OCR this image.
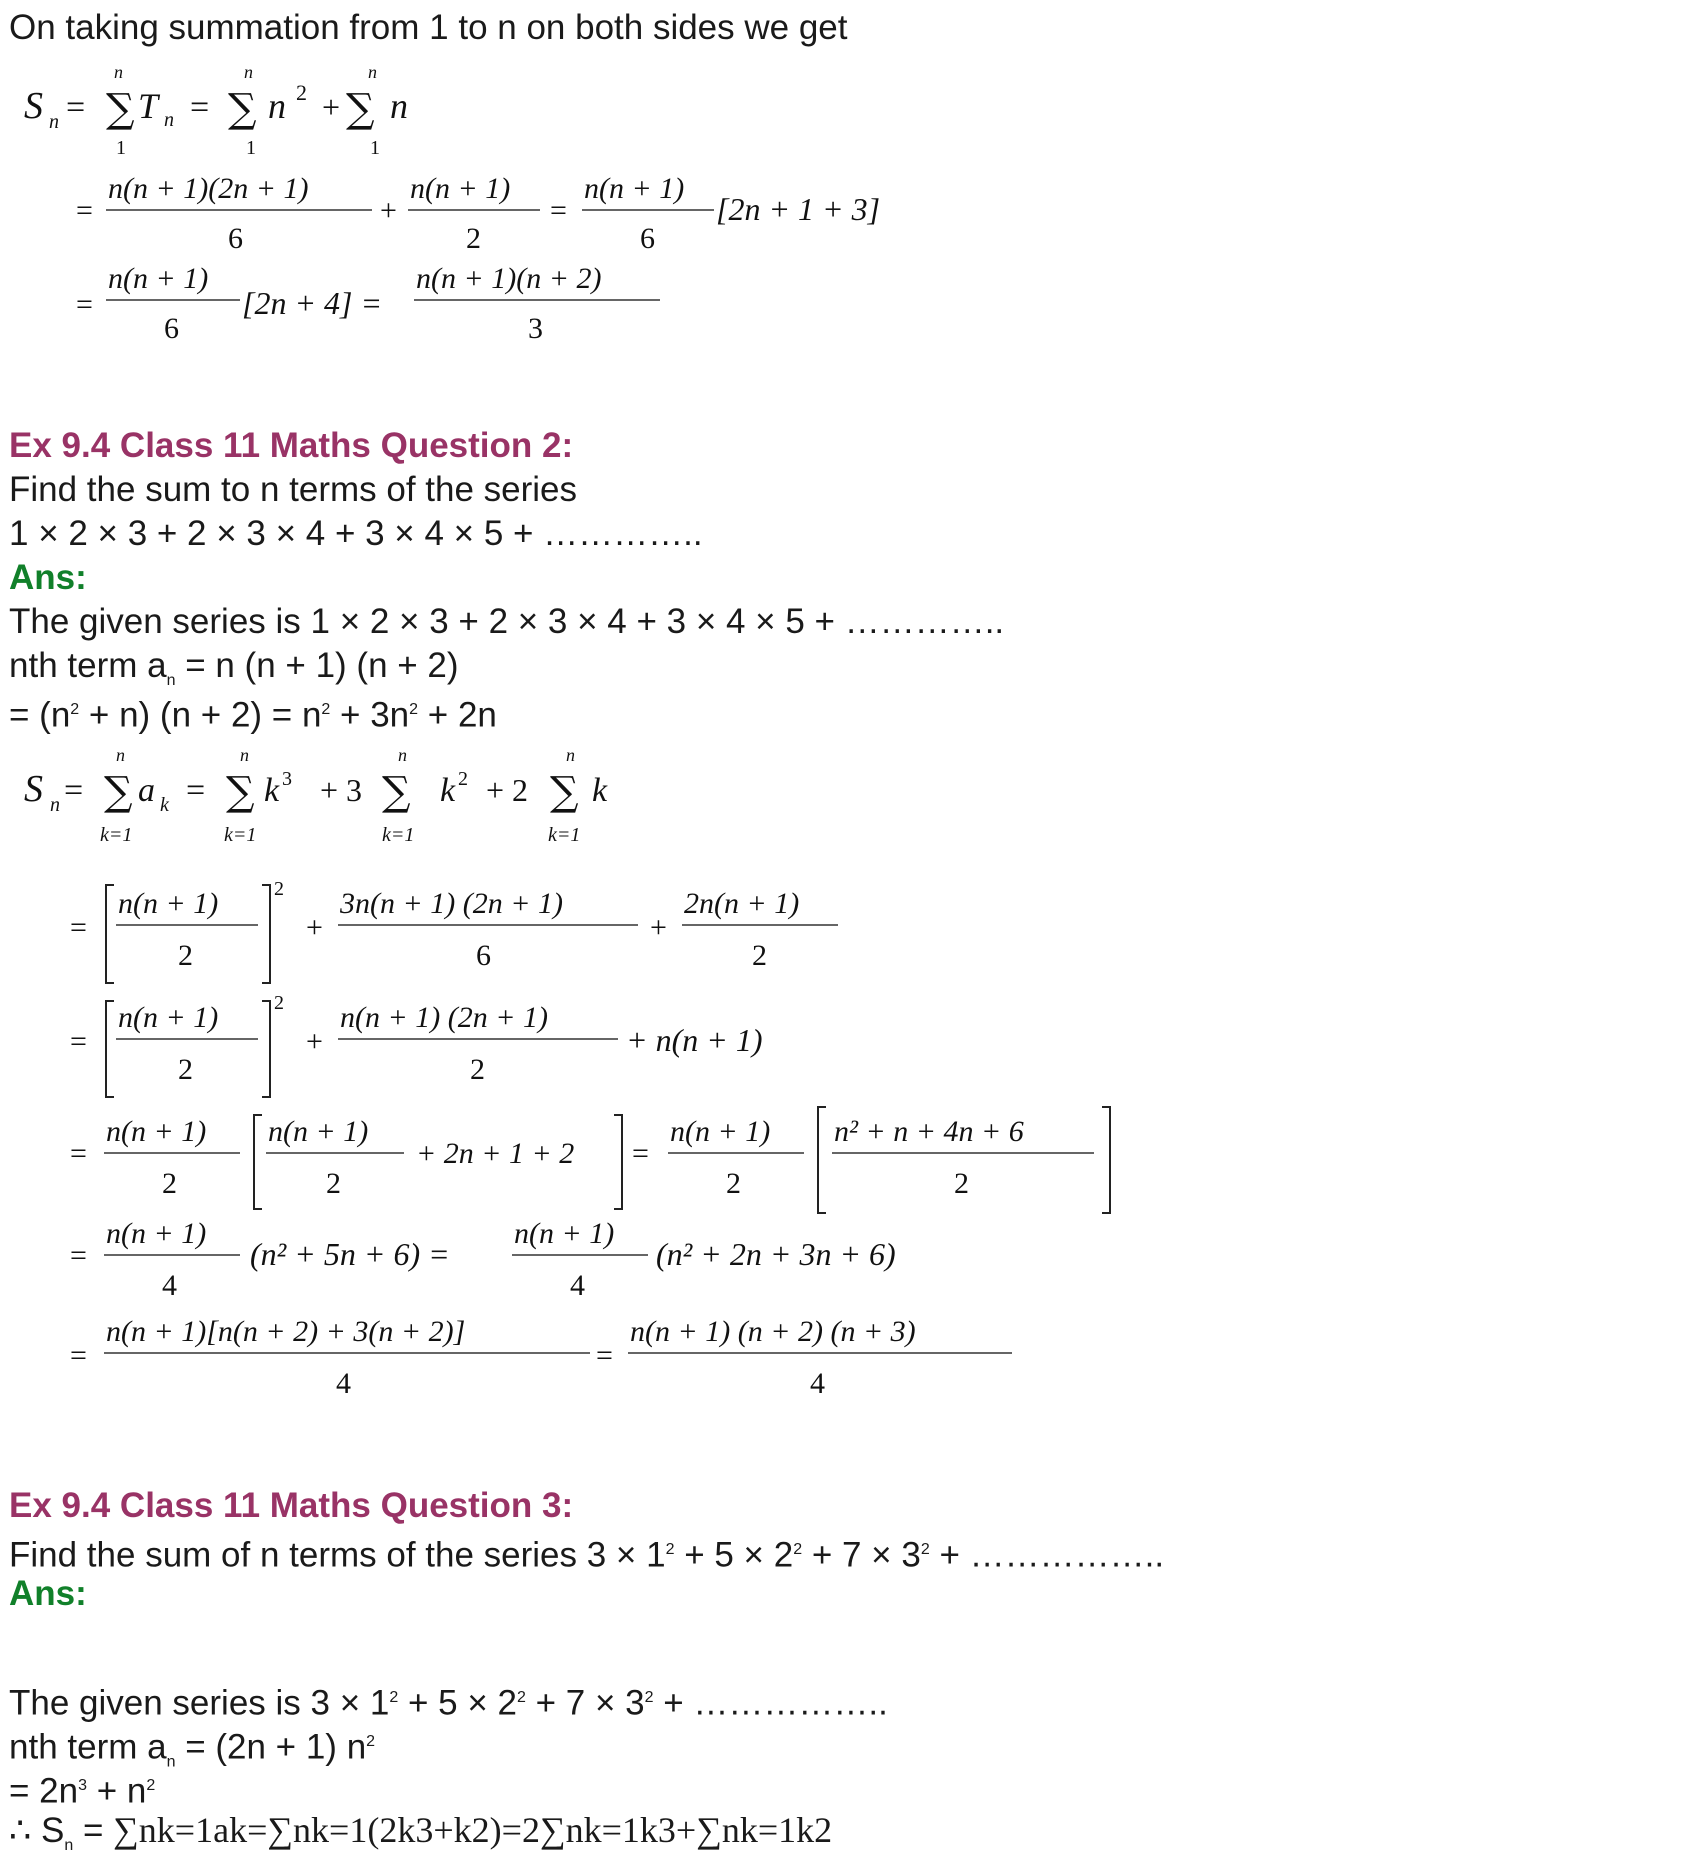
On taking summation from 1 to n on both sides we get

S n = ∑
n
1
T n = ∑
n
1
n 2 + ∑
n
1
n
=
n(n + 1)(2n + 1)
6
+
n(n + 1)
2
=
n(n + 1)
6
[2n + 1 + 3]
=
n(n + 1)
6
[2n + 4] =
n(n + 1)(n + 2)
3

Ex 9.4 Class 11 Maths Question 2:

Find the sum to n terms of the series

1 × 2 × 3 + 2 × 3 × 4 + 3 × 4 × 5 + …………..

Ans:

The given series is 1 × 2 × 3 + 2 × 3 × 4 + 3 × 4 × 5 + …………..

nth term $a_n = n$ (n + 1) (n + 2)

= $(n^2 + n) (n + 2) = n^2 + 3n^2 + 2n$

S n = ∑
n
k=1
a k = ∑
n
k=1
k 3 + 3 ∑
n
k=1
k 2 + 2 ∑
n
k=1
k
=
n(n + 1)
2
2
+
3n(n + 1) (2n + 1)
6
+
2n(n + 1)
2
=
n(n + 1)
2
2
+
n(n + 1) (2n + 1)
2
+ n(n + 1)
=
n(n + 1)
2
n(n + 1)
2
+ 2n + 1 + 2 =
n(n + 1)
2
n² + n + 4n + 6
2
=
n(n + 1)
4
(n² + 5n + 6) =
n(n + 1)
4
(n² + 2n + 3n + 6)
=
n(n + 1)[n(n + 2) + 3(n + 2)]
4
=
n(n + 1) (n + 2) (n + 3)
4

Ex 9.4 Class 11 Maths Question 3:

Find the sum of n terms of the series $3 \times 1^2 + 5 \times 2^2 + 7 \times 3^2$ + ……………..

Ans:

The given series is $3 \times 1^2 + 5 \times 2^2 + 7 \times 3^2$ + ……………..

nth term $a_n = (2n + 1)$ $n^2$

= $2n^3 + n^2$

∴ $S_n = \sum nk=1ak=\sum nk=1(2k3+k2)=2\sum nk=1k3+\sum nk=1k2$
